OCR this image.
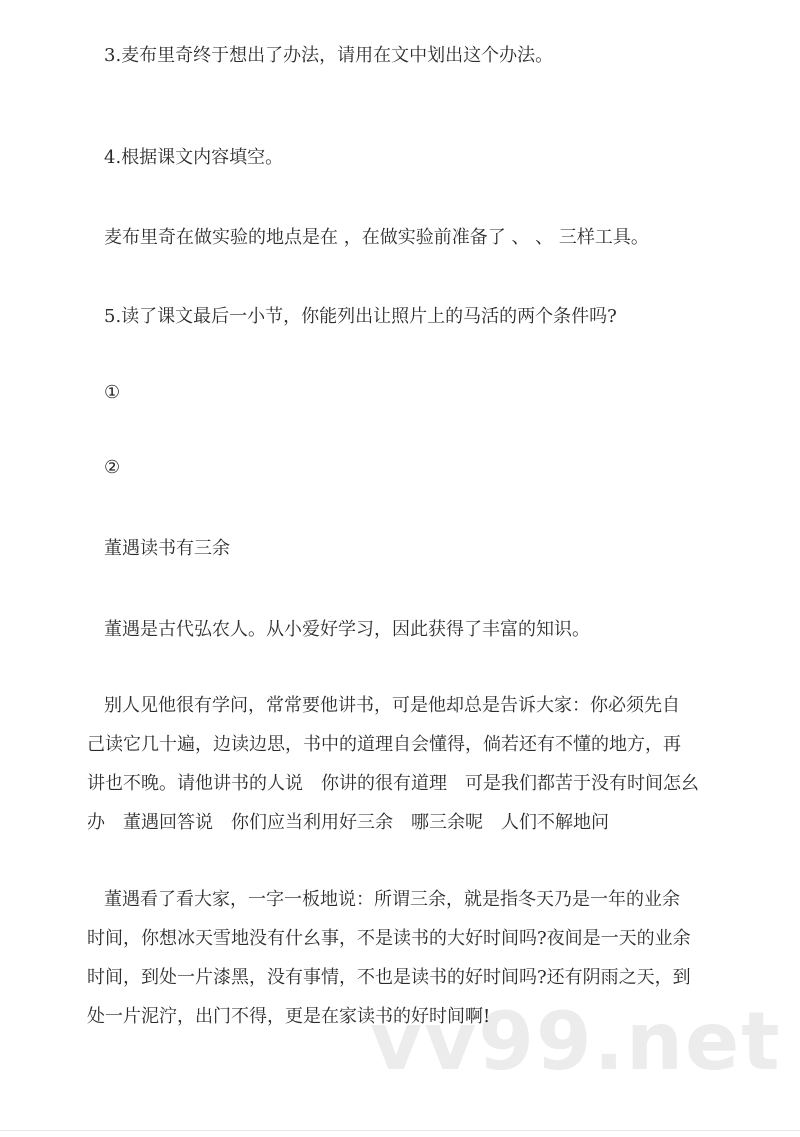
vv99.net
3.麦布里奇终于想出了办法，请用在文中划出这个办法。
4.根据课文内容填空。
麦布里奇在做实验的地点是在 ，在做实验前准备了 、 、 三样工具。
5.读了课文最后一小节，你能列出让照片上的马活的两个条件吗?
①
②
董遇读书有三余
董遇是古代弘农人。从小爱好学习，因此获得了丰富的知识。
别人见他很有学问，常常要他讲书，可是他却总是告诉大家：你必须先自
己读它几十遍，边读边思，书中的道理自会懂得，倘若还有不懂的地方，再
讲也不晚。请他讲书的人说　你讲的很有道理　可是我们都苦于没有时间怎幺
办　董遇回答说　你们应当利用好三余　哪三余呢　人们不解地问
董遇看了看大家，一字一板地说：所谓三余，就是指冬天乃是一年的业余
时间，你想冰天雪地没有什幺事，不是读书的大好时间吗?夜间是一天的业余
时间，到处一片漆黑，没有事情，不也是读书的好时间吗?还有阴雨之天，到
处一片泥泞，出门不得，更是在家读书的好时间啊!
